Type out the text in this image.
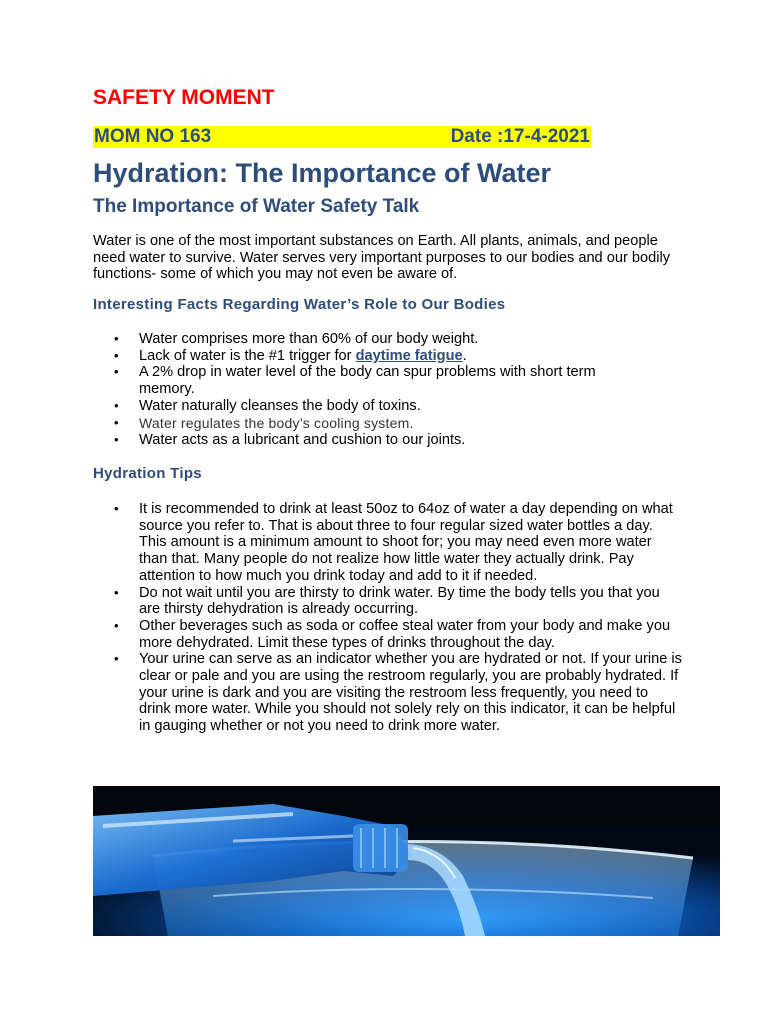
SAFETY MOMENT
MOM NO 163	Date :17-4-2021
Hydration: The Importance of Water
The Importance of Water Safety Talk

Water is one of the most important substances on Earth. All plants, animals, and people need water to survive. Water serves very important purposes to our bodies and our bodily functions- some of which you may not even be aware of.

Interesting Facts Regarding Water’s Role to Our Bodies
• Water comprises more than 60% of our body weight.
• Lack of water is the #1 trigger for daytime fatigue.
• A 2% drop in water level of the body can spur problems with short term memory.
• Water naturally cleanses the body of toxins.
• Water regulates the body’s cooling system.
• Water acts as a lubricant and cushion to our joints.
Hydration Tips
• It is recommended to drink at least 50oz to 64oz of water a day depending on what source you refer to. That is about three to four regular sized water bottles a day. This amount is a minimum amount to shoot for; you may need even more water than that. Many people do not realize how little water they actually drink. Pay attention to how much you drink today and add to it if needed.
• Do not wait until you are thirsty to drink water. By time the body tells you that you are thirsty dehydration is already occurring.
• Other beverages such as soda or coffee steal water from your body and make you more dehydrated. Limit these types of drinks throughout the day.
• Your urine can serve as an indicator whether you are hydrated or not. If your urine is clear or pale and you are using the restroom regularly, you are probably hydrated. If your urine is dark and you are visiting the restroom less frequently, you need to drink more water. While you should not solely rely on this indicator, it can be helpful in gauging whether or not you need to drink more water.
